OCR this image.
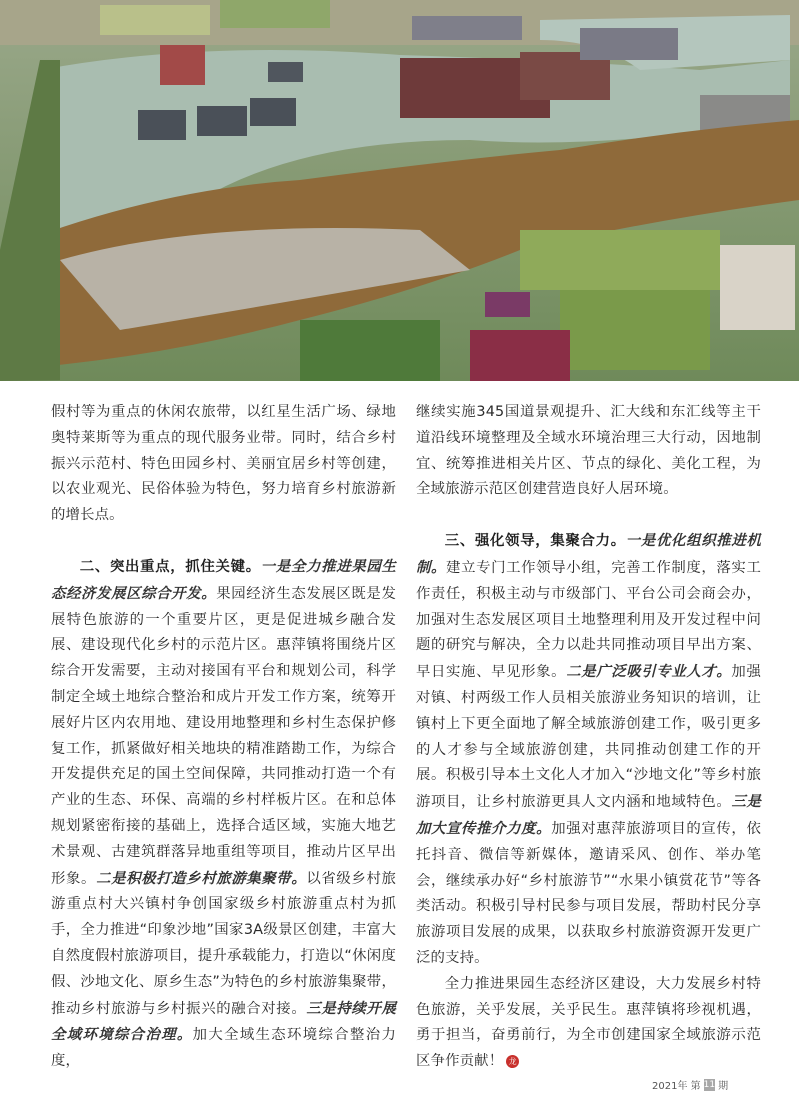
假村等为重点的休闲农旅带，以红星生活广场、绿地奥特莱斯等为重点的现代服务业带。同时，结合乡村振兴示范村、特色田园乡村、美丽宜居乡村等创建，以农业观光、民俗体验为特色，努力培育乡村旅游新的增长点。

二、突出重点，抓住关键。一是全力推进果园生态经济发展区综合开发。果园经济生态发展区既是发展特色旅游的一个重要片区，更是促进城乡融合发展、建设现代化乡村的示范片区。惠萍镇将围绕片区综合开发需要，主动对接国有平台和规划公司，科学制定全域土地综合整治和成片开发工作方案，统筹开展好片区内农用地、建设用地整理和乡村生态保护修复工作，抓紧做好相关地块的精准踏勘工作，为综合开发提供充足的国土空间保障，共同推动打造一个有产业的生态、环保、高端的乡村样板片区。在和总体规划紧密衔接的基础上，选择合适区域，实施大地艺术景观、古建筑群落异地重组等项目，推动片区早出形象。二是积极打造乡村旅游集聚带。以省级乡村旅游重点村大兴镇村争创国家级乡村旅游重点村为抓手，全力推进“印象沙地”国家3A级景区创建，丰富大自然度假村旅游项目，提升承载能力，打造以“休闲度假、沙地文化、原乡生态”为特色的乡村旅游集聚带，推动乡村旅游与乡村振兴的融合对接。三是持续开展全域环境综合治理。加大全域生态环境综合整治力度，

继续实施345国道景观提升、汇大线和东汇线等主干道沿线环境整理及全域水环境治理三大行动，因地制宜、统筹推进相关片区、节点的绿化、美化工程，为全域旅游示范区创建营造良好人居环境。

三、强化领导，集聚合力。一是优化组织推进机制。建立专门工作领导小组，完善工作制度，落实工作责任，积极主动与市级部门、平台公司会商会办，加强对生态发展区项目土地整理利用及开发过程中问题的研究与解决，全力以赴共同推动项目早出方案、早日实施、早见形象。二是广泛吸引专业人才。加强对镇、村两级工作人员相关旅游业务知识的培训，让镇村上下更全面地了解全域旅游创建工作，吸引更多的人才参与全域旅游创建，共同推动创建工作的开展。积极引导本土文化人才加入“沙地文化”等乡村旅游项目，让乡村旅游更具人文内涵和地域特色。三是加大宣传推介力度。加强对惠萍旅游项目的宣传，依托抖音、微信等新媒体，邀请采风、创作、举办笔会，继续承办好“乡村旅游节”“水果小镇赏花节”等各类活动。积极引导村民参与项目发展，帮助村民分享旅游项目发展的成果，以获取乡村旅游资源开发更广泛的支持。

全力推进果园生态经济区建设，大力发展乡村特色旅游，关乎发展，关乎民生。惠萍镇将珍视机遇，勇于担当，奋勇前行，为全市创建国家全域旅游示范区争作贡献！ 龙

2021年 第 11 期
